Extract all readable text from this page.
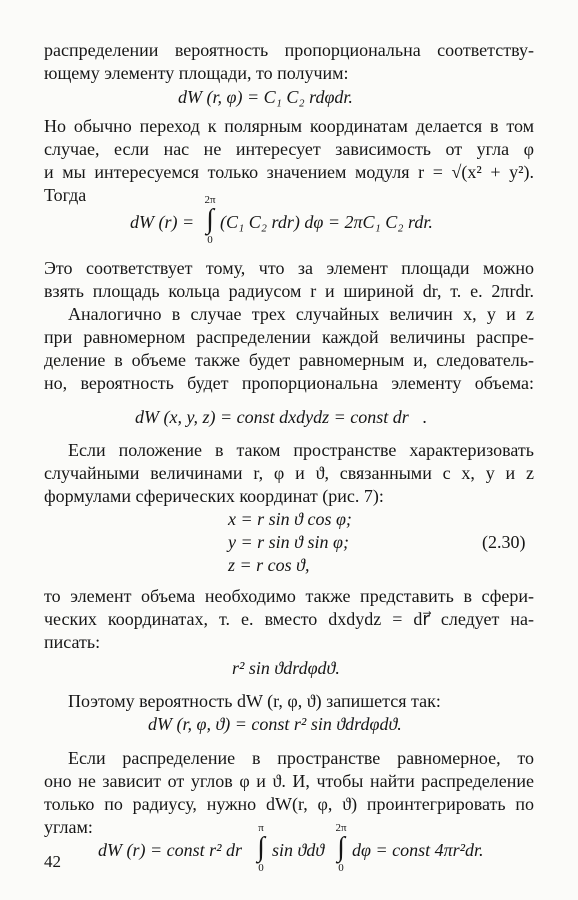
распределении вероятность пропорциональна соответству-
ющему элементу площади, то получим:
dW (r, φ) = C₁ C₂ rdφdr.
Но обычно переход к полярным координатам делается в том
случае, если нас не интересует зависимость от угла φ
и мы интересуемся только значением модуля r = √(x² + y²).
Тогда
dW (r) =
2π
∫
0
(C₁ C₂ rdr) dφ = 2πC₁ C₂ rdr.
Это соответствует тому, что за элемент площади можно
взять площадь кольца радиусом r и шириной dr, т. е. 2πrdr.
Аналогично в случае трех случайных величин x, y и z
при равномерном распределении каждой величины распре-
деление в объеме также будет равномерным и, следователь-
но, вероятность будет пропорциональна элементу объема:
dW (x, y, z) = const dxdydz = const dr⃗.
Если положение в таком пространстве характеризовать
случайными величинами r, φ и ϑ, связанными с x, y и z
формулами сферических координат (рис. 7):
x = r sin ϑ cos φ;
y = r sin ϑ sin φ;
z = r cos ϑ,
(2.30)
то элемент объема необходимо также представить в сфери-
ческих координатах, т. е. вместо dxdydz = dr⃗ следует на-
писать:
r² sin ϑdrdφdϑ.
Поэтому вероятность dW (r, φ, ϑ) запишется так:
dW (r, φ, ϑ) = const r² sin ϑdrdφdϑ.
Если распределение в пространстве равномерное, то
оно не зависит от углов φ и ϑ. И, чтобы найти распределение
только по радиусу, нужно dW(r, φ, ϑ) проинтегрировать по
углам:
dW (r) = const r² dr
π
∫
0
sin ϑdϑ
2π
∫
0
dφ = const 4πr²dr.
42
